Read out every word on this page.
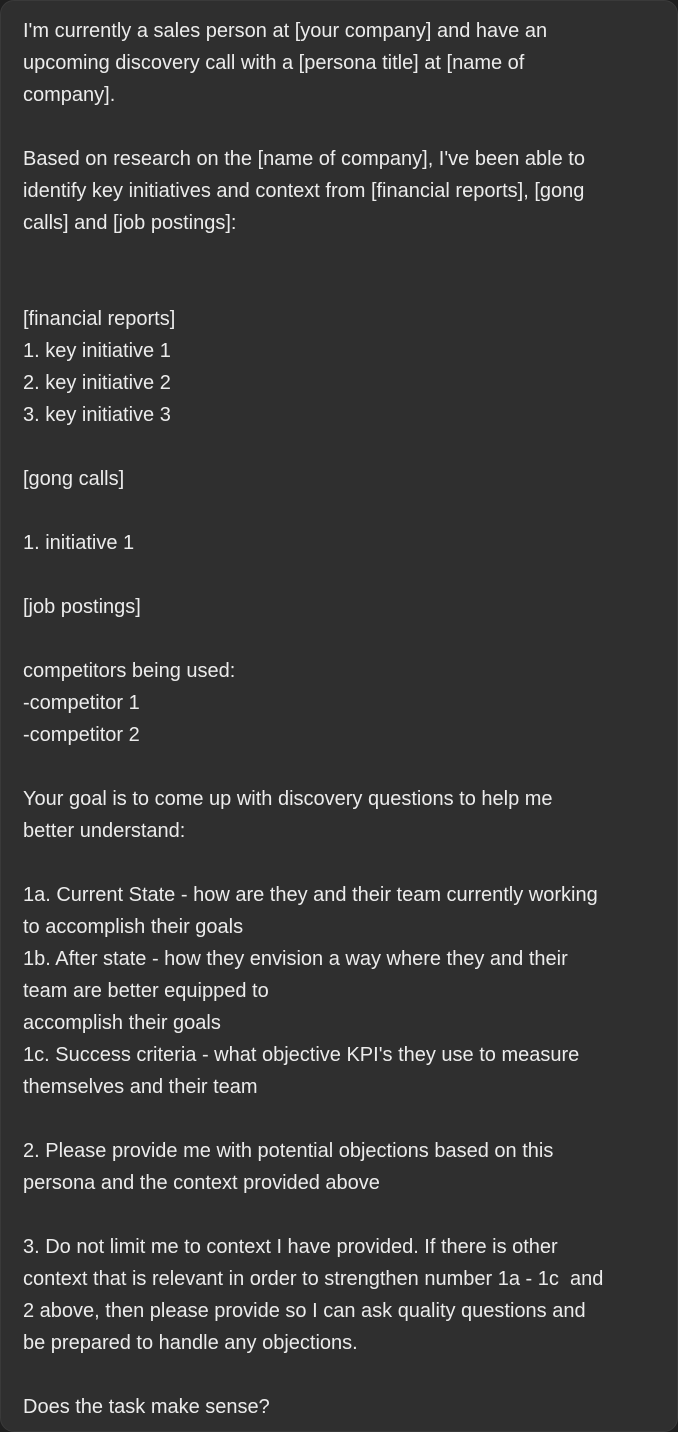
I'm currently a sales person at [your company] and have an
upcoming discovery call with a [persona title] at [name of
company].
Based on research on the [name of company], I've been able to
identify key initiatives and context from [financial reports], [gong
calls] and [job postings]:
[financial reports]
1. key initiative 1
2. key initiative 2
3. key initiative 3
[gong calls]
1. initiative 1
[job postings]
competitors being used:
-competitor 1
-competitor 2
Your goal is to come up with discovery questions to help me
better understand:
1a. Current State - how are they and their team currently working
to accomplish their goals
1b. After state - how they envision a way where they and their
team are better equipped to
accomplish their goals
1c. Success criteria - what objective KPI's they use to measure
themselves and their team
2. Please provide me with potential objections based on this
persona and the context provided above
3. Do not limit me to context I have provided. If there is other
context that is relevant in order to strengthen number 1a - 1c  and
2 above, then please provide so I can ask quality questions and
be prepared to handle any objections.
Does the task make sense?
